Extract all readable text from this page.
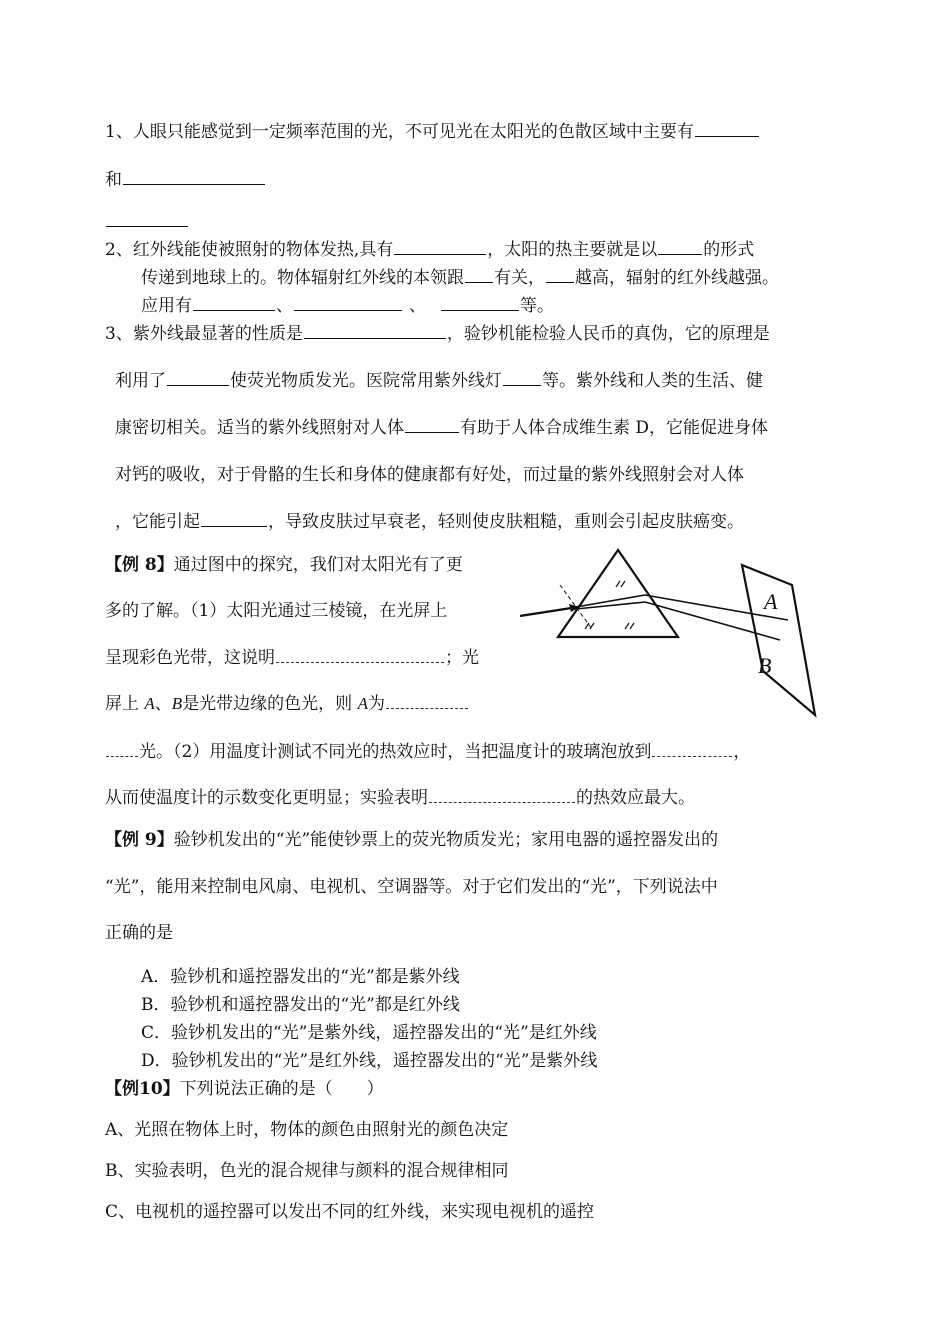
1、人眼只能感觉到一定频率范围的光，不可见光在太阳光的色散区域中主要有
和
2、红外线能使被照射的物体发热,具有	，太阳的热主要就是以	的形式
传递到地球上的。物体辐射红外线的本领跟 有关， 越高，辐射的红外线越强。
应用有	、	、	等。
3、紫外线最显著的性质是	，验钞机能检验人民币的真伪，它的原理是
利用了	使荧光物质发光。医院常用紫外线灯 等。紫外线和人类的生活、健
康密切相关。适当的紫外线照射对人体	有助于人体合成维生素 D，它能促进身体
对钙的吸收，对于骨骼的生长和身体的健康都有好处，而过量的紫外线照射会对人体
，它能引起	，导致皮肤过早衰老，轻则使皮肤粗糙，重则会引起皮肤癌变。
【例 8】通过图中的探究，我们对太阳光有了更
多的了解。（1）太阳光通过三棱镜，在光屏上
呈现彩色光带，这说明	；光
屏上 A、B是光带边缘的色光，则 A为
光。（2）用温度计测试不同光的热效应时，当把温度计的玻璃泡放到	，
从而使温度计的示数变化更明显；实验表明	的热效应最大。
A
B
【例 9】验钞机发出的“光”能使钞票上的荧光物质发光；家用电器的遥控器发出的
“光”，能用来控制电风扇、电视机、空调器等。对于它们发出的“光”，下列说法中
正确的是
A．验钞机和遥控器发出的“光”都是紫外线
B．验钞机和遥控器发出的“光”都是红外线
C．验钞机发出的“光”是紫外线，遥控器发出的“光”是红外线
D．验钞机发出的“光”是红外线，遥控器发出的“光”是紫外线
【例10】下列说法正确的是（　　）
A、光照在物体上时，物体的颜色由照射光的颜色决定
B、实验表明，色光的混合规律与颜料的混合规律相同
C、电视机的遥控器可以发出不同的红外线，来实现电视机的遥控
